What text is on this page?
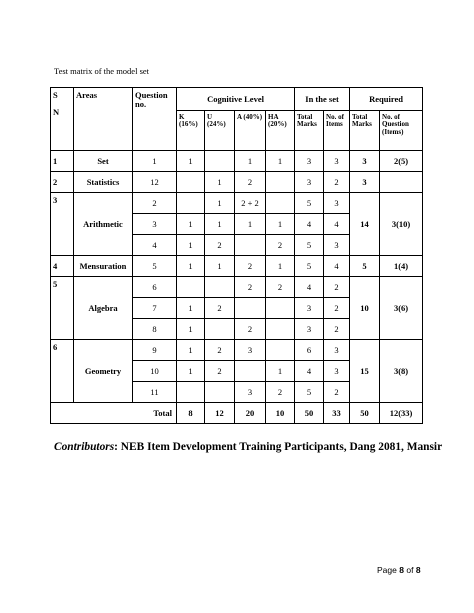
Test matrix of the model set
S
N	Areas	Question no.	Cognitive Level				In the set		Required	
			K (16%)	U (24%)	A (40%)	HA (20%)	Total Marks	No. of Items	Total Marks	No. of Question (Items)
1	Set	1	1		1	1	3	3	3	2(5)
2	Statistics	12		1	2		3	2	3	
3	Arithmetic	2		1	2 + 2		5	3	14	3(10)
		3	1	1	1	1	4	4		
		4	1	2		2	5	3		
4	Mensuration	5	1	1	2	1	5	4	5	1(4)
5	Algebra	6			2	2	4	2	10	3(6)
		7	1	2			3	2		
		8	1		2		3	2		
6	Geometry	9	1	2	3		6	3	15	3(8)
		10	1	2		1	4	3		
		11			3	2	5	2		
Total			8	12	20	10	50	33	50	12(33)
Contributors: NEB Item Development Training Participants, Dang 2081, Mansir
Page 8 of 8
